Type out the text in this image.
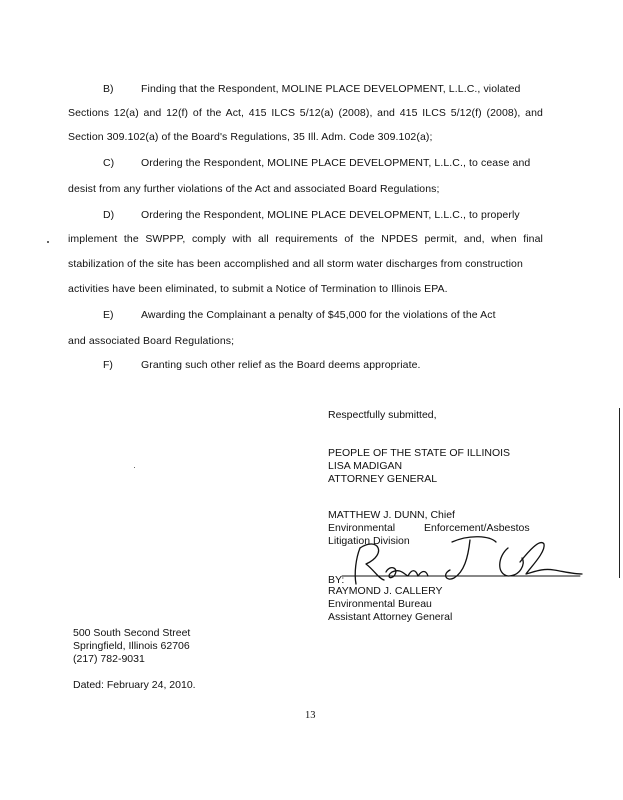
B)	Finding that the Respondent, MOLINE PLACE DEVELOPMENT, L.L.C., violated
Sections 12(a) and 12(f) of the Act, 415 ILCS 5/12(a) (2008), and 415 ILCS 5/12(f) (2008), and
Section 309.102(a) of the Board's Regulations, 35 Ill. Adm. Code 309.102(a);
C)	Ordering the Respondent, MOLINE PLACE DEVELOPMENT, L.L.C., to cease and
desist from any further violations of the Act and associated Board Regulations;
D)	Ordering the Respondent, MOLINE PLACE DEVELOPMENT, L.L.C., to properly
implement the SWPPP, comply with all requirements of the NPDES permit, and, when final
stabilization of the site has been accomplished and all storm water discharges from construction
activities have been eliminated, to submit a Notice of Termination to Illinois EPA.
E)	Awarding the Complainant a penalty of $45,000 for the violations of the Act
and associated Board Regulations;
F)	Granting such other relief as the Board deems appropriate.
Respectfully submitted,
PEOPLE OF THE STATE OF ILLINOIS
LISA MADIGAN
ATTORNEY GENERAL
MATTHEW J. DUNN, Chief
Environmental	Enforcement/Asbestos
Litigation Division
BY:
RAYMOND J. CALLERY
Environmental Bureau
Assistant Attorney General
500 South Second Street
Springfield, Illinois 62706
(217) 782-9031
Dated: February 24, 2010.
13
